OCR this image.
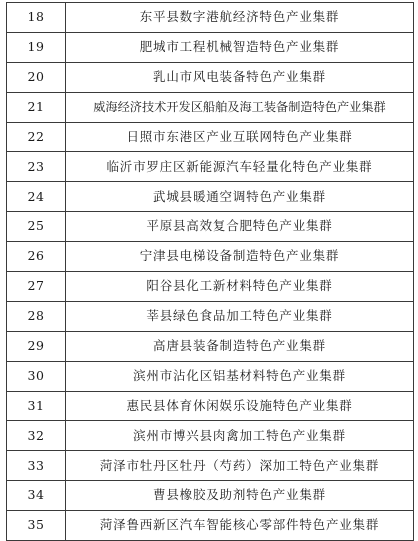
18	东平县数字港航经济特色产业集群
19	肥城市工程机械智造特色产业集群
20	乳山市风电装备特色产业集群
21	威海经济技术开发区船舶及海工装备制造特色产业集群
22	日照市东港区产业互联网特色产业集群
23	临沂市罗庄区新能源汽车轻量化特色产业集群
24	武城县暖通空调特色产业集群
25	平原县高效复合肥特色产业集群
26	宁津县电梯设备制造特色产业集群
27	阳谷县化工新材料特色产业集群
28	莘县绿色食品加工特色产业集群
29	高唐县装备制造特色产业集群
30	滨州市沾化区铝基材料特色产业集群
31	惠民县体育休闲娱乐设施特色产业集群
32	滨州市博兴县肉禽加工特色产业集群
33	菏泽市牡丹区牡丹（芍药）深加工特色产业集群
34	曹县橡胶及助剂特色产业集群
35	菏泽鲁西新区汽车智能核心零部件特色产业集群
